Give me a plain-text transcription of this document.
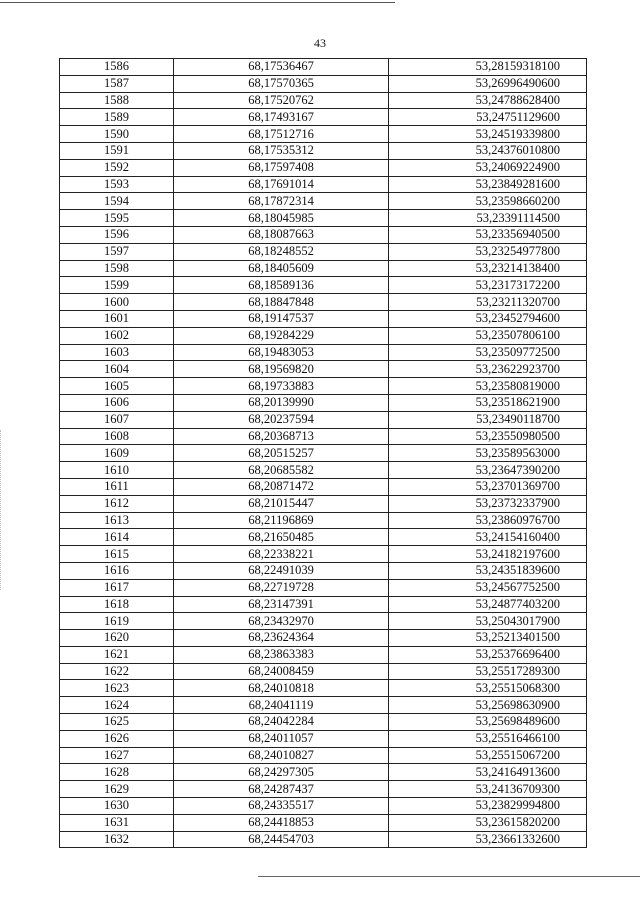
43
1586	68,17536467	53,28159318100
1587	68,17570365	53,26996490600
1588	68,17520762	53,24788628400
1589	68,17493167	53,24751129600
1590	68,17512716	53,24519339800
1591	68,17535312	53,24376010800
1592	68,17597408	53,24069224900
1593	68,17691014	53,23849281600
1594	68,17872314	53,23598660200
1595	68,18045985	53,23391114500
1596	68,18087663	53,23356940500
1597	68,18248552	53,23254977800
1598	68,18405609	53,23214138400
1599	68,18589136	53,23173172200
1600	68,18847848	53,23211320700
1601	68,19147537	53,23452794600
1602	68,19284229	53,23507806100
1603	68,19483053	53,23509772500
1604	68,19569820	53,23622923700
1605	68,19733883	53,23580819000
1606	68,20139990	53,23518621900
1607	68,20237594	53,23490118700
1608	68,20368713	53,23550980500
1609	68,20515257	53,23589563000
1610	68,20685582	53,23647390200
1611	68,20871472	53,23701369700
1612	68,21015447	53,23732337900
1613	68,21196869	53,23860976700
1614	68,21650485	53,24154160400
1615	68,22338221	53,24182197600
1616	68,22491039	53,24351839600
1617	68,22719728	53,24567752500
1618	68,23147391	53,24877403200
1619	68,23432970	53,25043017900
1620	68,23624364	53,25213401500
1621	68,23863383	53,25376696400
1622	68,24008459	53,25517289300
1623	68,24010818	53,25515068300
1624	68,24041119	53,25698630900
1625	68,24042284	53,25698489600
1626	68,24011057	53,25516466100
1627	68,24010827	53,25515067200
1628	68,24297305	53,24164913600
1629	68,24287437	53,24136709300
1630	68,24335517	53,23829994800
1631	68,24418853	53,23615820200
1632	68,24454703	53,23661332600
